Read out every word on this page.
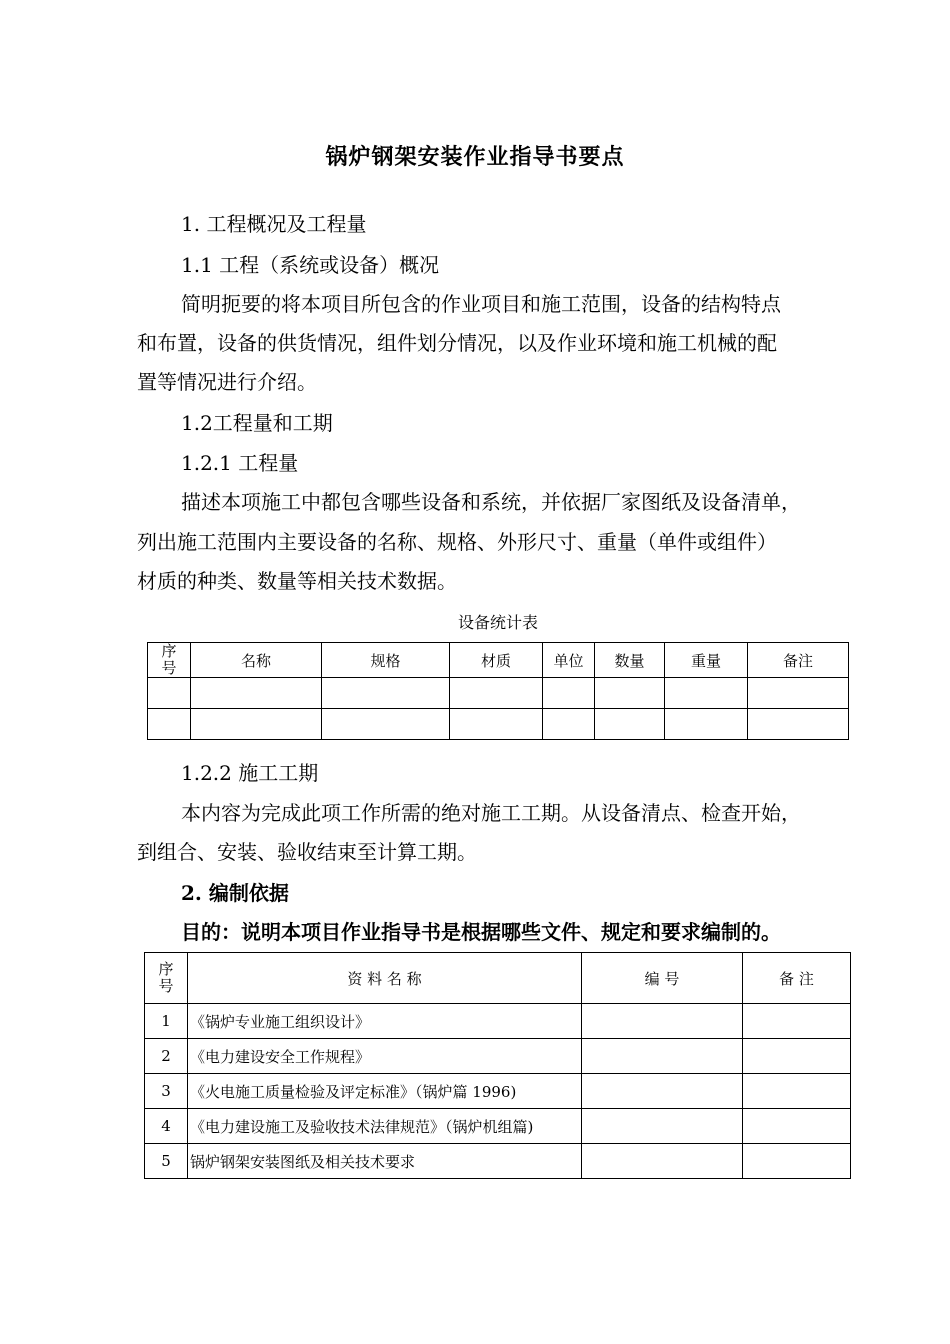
锅炉钢架安装作业指导书要点
1. 工程概况及工程量
1.1 工程（系统或设备）概况
简明扼要的将本项目所包含的作业项目和施工范围，设备的结构特点
和布置，设备的供货情况，组件划分情况，以及作业环境和施工机械的配
置等情况进行介绍。
1.2工程量和工期
1.2.1 工程量
描述本项施工中都包含哪些设备和系统，并依据厂家图纸及设备清单，
列出施工范围内主要设备的名称、规格、外形尺寸、重量（单件或组件）
材质的种类、数量等相关技术数据。
设备统计表
序
号	名称	规格	材质	单位	数量	重量	备注

1.2.2 施工工期
本内容为完成此项工作所需的绝对施工工期。从设备清点、检查开始，
到组合、安装、验收结束至计算工期。
2. 编制依据
目的：说明本项目作业指导书是根据哪些文件、规定和要求编制的。
序
号	资 料 名 称	编 号	备 注
1	《锅炉专业施工组织设计》		
2	《电力建设安全工作规程》		
3	《火电施工质量检验及评定标准》（锅炉篇 1996)		
4	《电力建设施工及验收技术法律规范》（锅炉机组篇)		
5	锅炉钢架安装图纸及相关技术要求		
